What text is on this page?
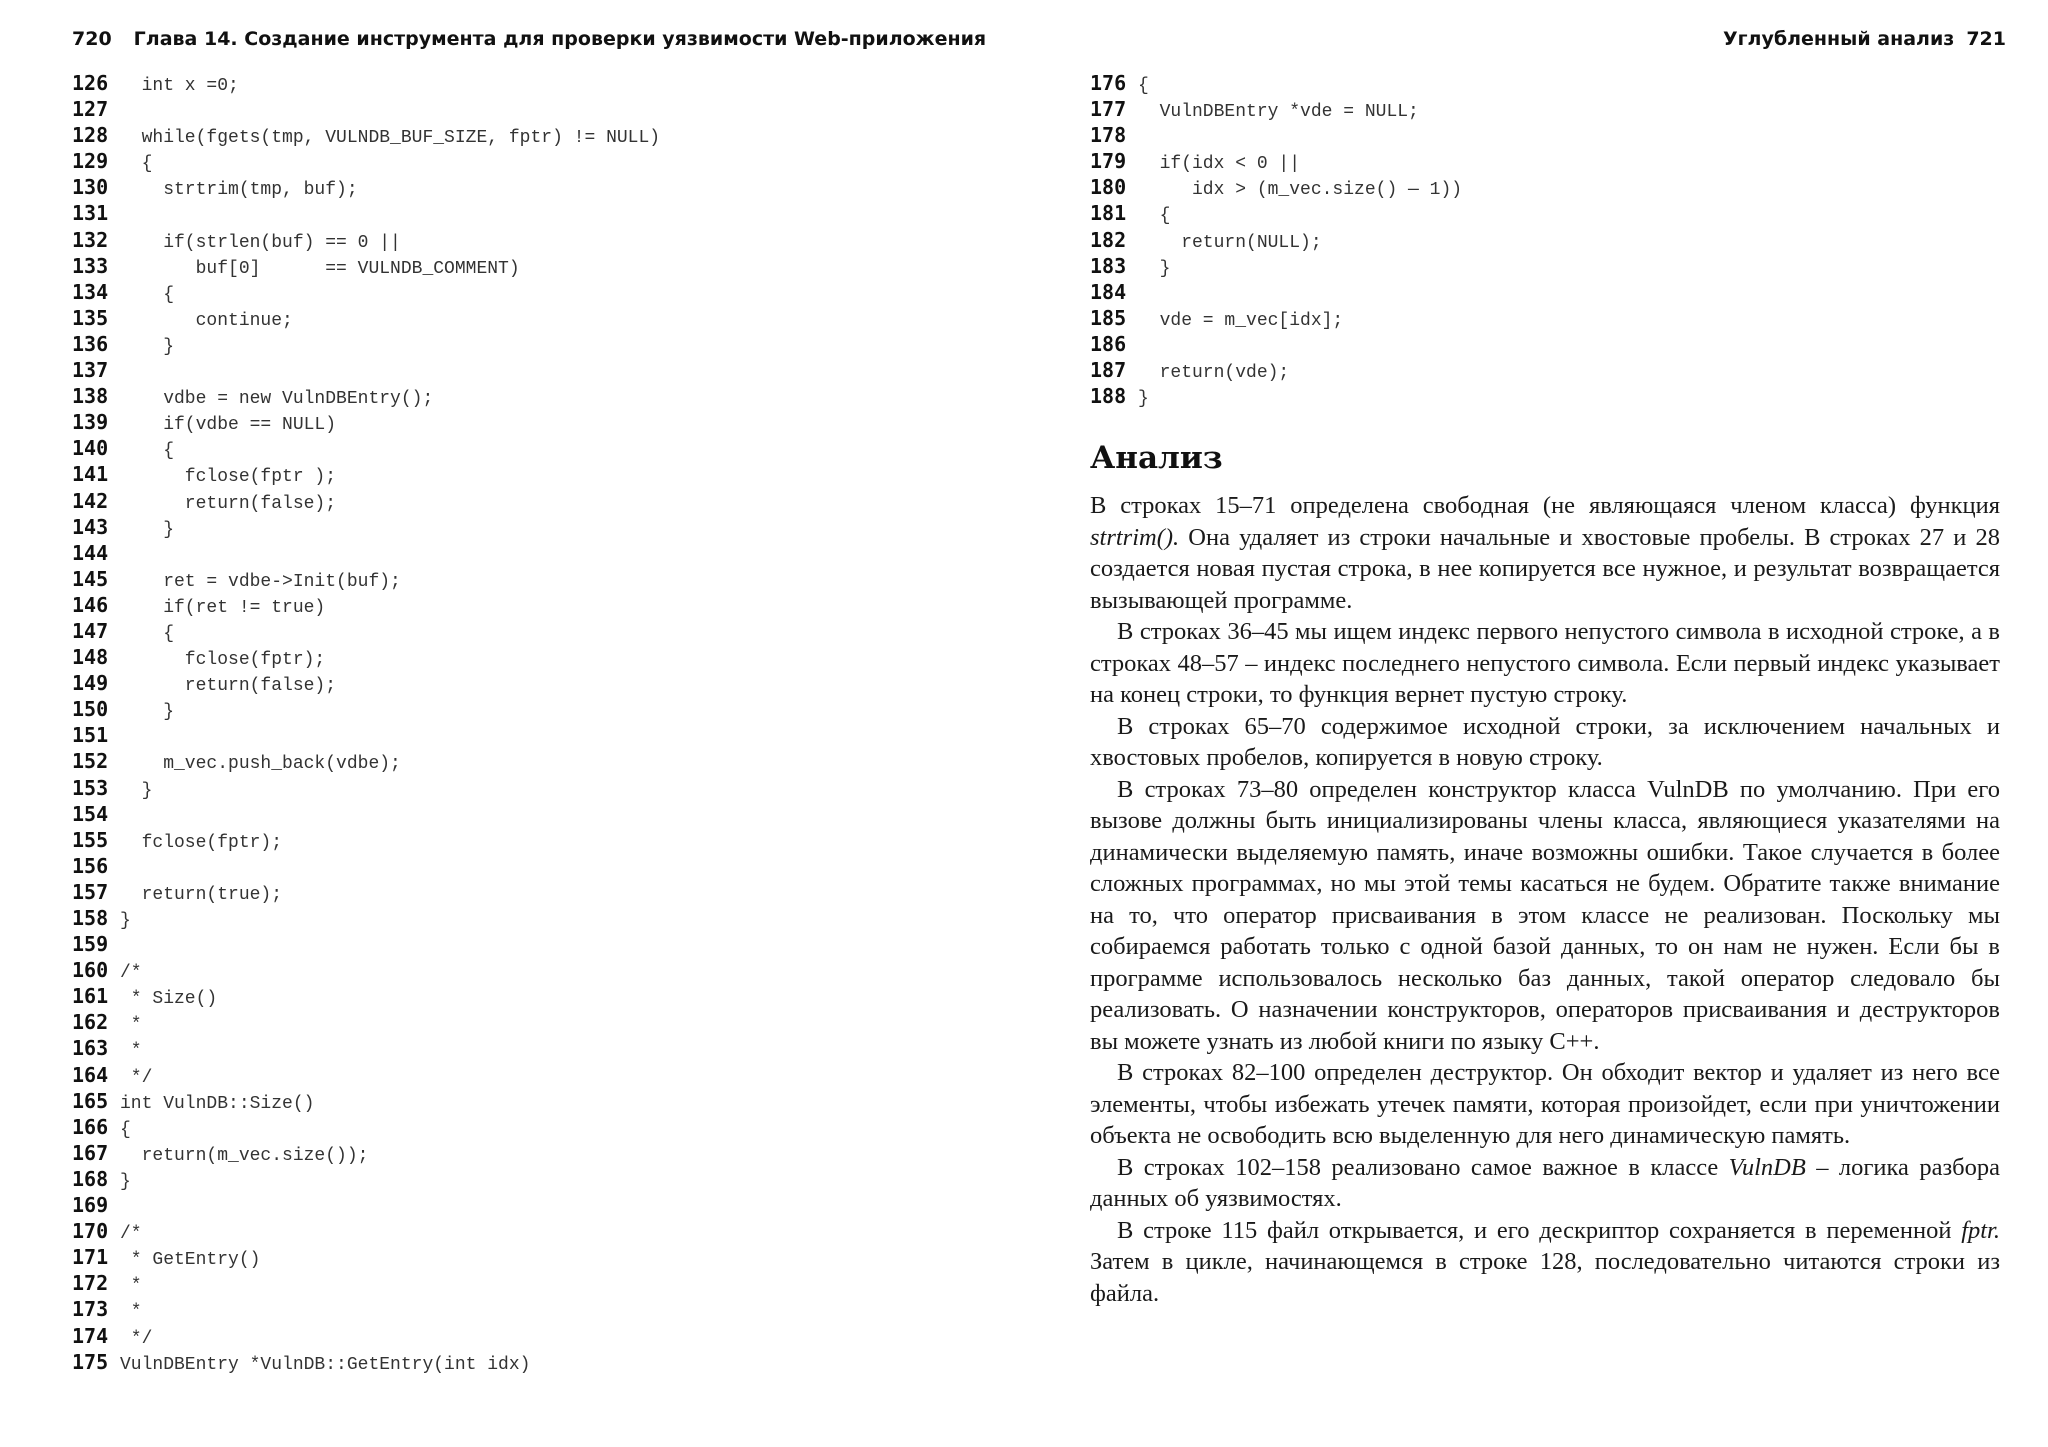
720 Глава 14. Создание инструмента для проверки уязвимости Web-приложения	Углубленный анализ 721
126  int x =0;
127
128  while(fgets(tmp, VULNDB_BUF_SIZE, fptr) != NULL)
129  {
130    strtrim(tmp, buf);
131
132    if(strlen(buf) == 0 ||
133       buf[0]      == VULNDB_COMMENT)
134    {
135       continue;
136    }
137
138    vdbe = new VulnDBEntry();
139    if(vdbe == NULL)
140    {
141      fclose(fptr );
142      return(false);
143    }
144
145    ret = vdbe->Init(buf);
146    if(ret != true)
147    {
148      fclose(fptr);
149      return(false);
150    }
151
152    m_vec.push_back(vdbe);
153  }
154
155  fclose(fptr);
156
157  return(true);
158 }
159
160 /*
161 * Size()
162 *
163 *
164 */
165 int VulnDB::Size()
166 {
167  return(m_vec.size());
168 }
169
170 /*
171 * GetEntry()
172 *
173 *
174 */
175 VulnDBEntry *VulnDB::GetEntry(int idx)
176 {
177  VulnDBEntry *vde = NULL;
178
179  if(idx < 0 ||
180     idx > (m_vec.size() — 1))
181  {
182    return(NULL);
183  }
184
185  vde = m_vec[idx];
186
187  return(vde);
188 }
Анализ

В строках 15–71 определена свободная (не являющаяся членом класса) функция strtrim(). Она удаляет из строки начальные и хвостовые пробелы. В строках 27 и 28 создается новая пустая строка, в нее копируется все нужное, и результат возвращается вызывающей программе.

В строках 36–45 мы ищем индекс первого непустого символа в исходной строке, а в строках 48–57 – индекс последнего непустого символа. Если первый индекс указывает на конец строки, то функция вернет пустую строку.

В строках 65–70 содержимое исходной строки, за исключением начальных и хвостовых пробелов, копируется в новую строку.

В строках 73–80 определен конструктор класса VulnDB по умолчанию. При его вызове должны быть инициализированы члены класса, являющиеся указателями на динамически выделяемую память, иначе возможны ошибки. Такое случается в более сложных программах, но мы этой темы касаться не будем. Обратите также внимание на то, что оператор присваивания в этом классе не реализован. Поскольку мы собираемся работать только с одной базой данных, то он нам не нужен. Если бы в программе использовалось несколько баз данных, такой оператор следовало бы реализовать. О назначении конструкторов, операторов присваивания и деструкторов вы можете узнать из любой книги по языку C++.

В строках 82–100 определен деструктор. Он обходит вектор и удаляет из него все элементы, чтобы избежать утечек памяти, которая произойдет, если при уничтожении объекта не освободить всю выделенную для него динамическую память.

В строках 102–158 реализовано самое важное в классе VulnDB – логика разбора данных об уязвимостях.

В строке 115 файл открывается, и его дескриптор сохраняется в переменной fptr. Затем в цикле, начинающемся в строке 128, последовательно читаются строки из файла.
